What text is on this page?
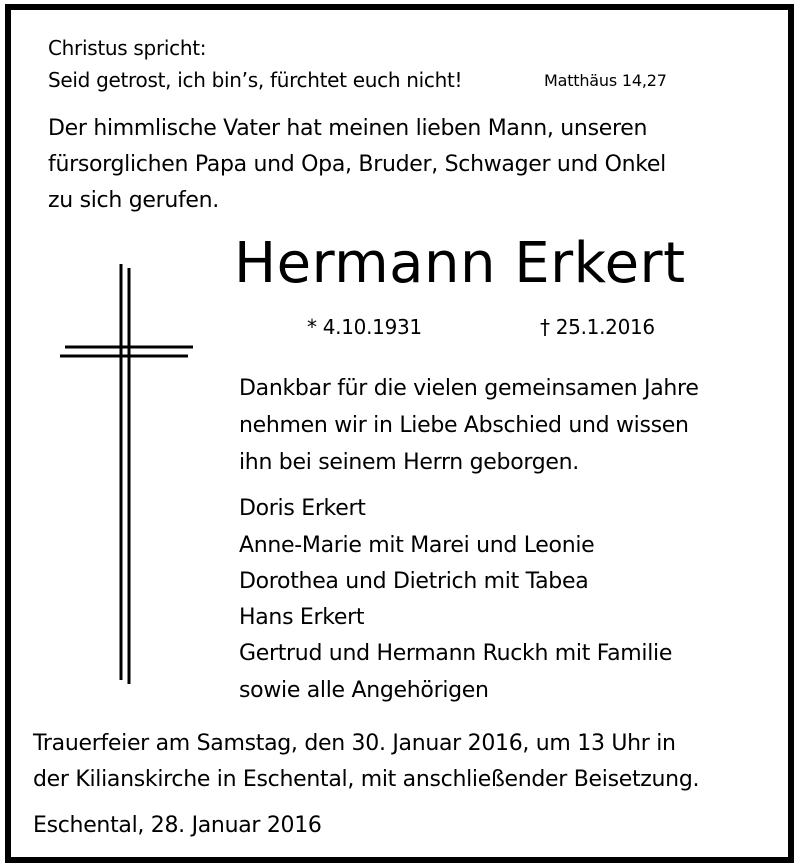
Christus spricht:

Seid getrost, ich bin’s, fürchtet euch nicht!	Matthäus 14,27

Der himmlische Vater hat meinen lieben Mann, unseren

fürsorglichen Papa und Opa, Bruder, Schwager und Onkel

zu sich gerufen.

Hermann Erkert

* 4.10.1931	† 25.1.2016

Dankbar für die vielen gemeinsamen Jahre

nehmen wir in Liebe Abschied und wissen

ihn bei seinem Herrn geborgen.

Doris Erkert

Anne-Marie mit Marei und Leonie

Dorothea und Dietrich mit Tabea

Hans Erkert

Gertrud und Hermann Ruckh mit Familie

sowie alle Angehörigen

Trauerfeier am Samstag, den 30. Januar 2016, um 13 Uhr in

der Kilianskirche in Eschental, mit anschließender Beisetzung.

Eschental, 28. Januar 2016
